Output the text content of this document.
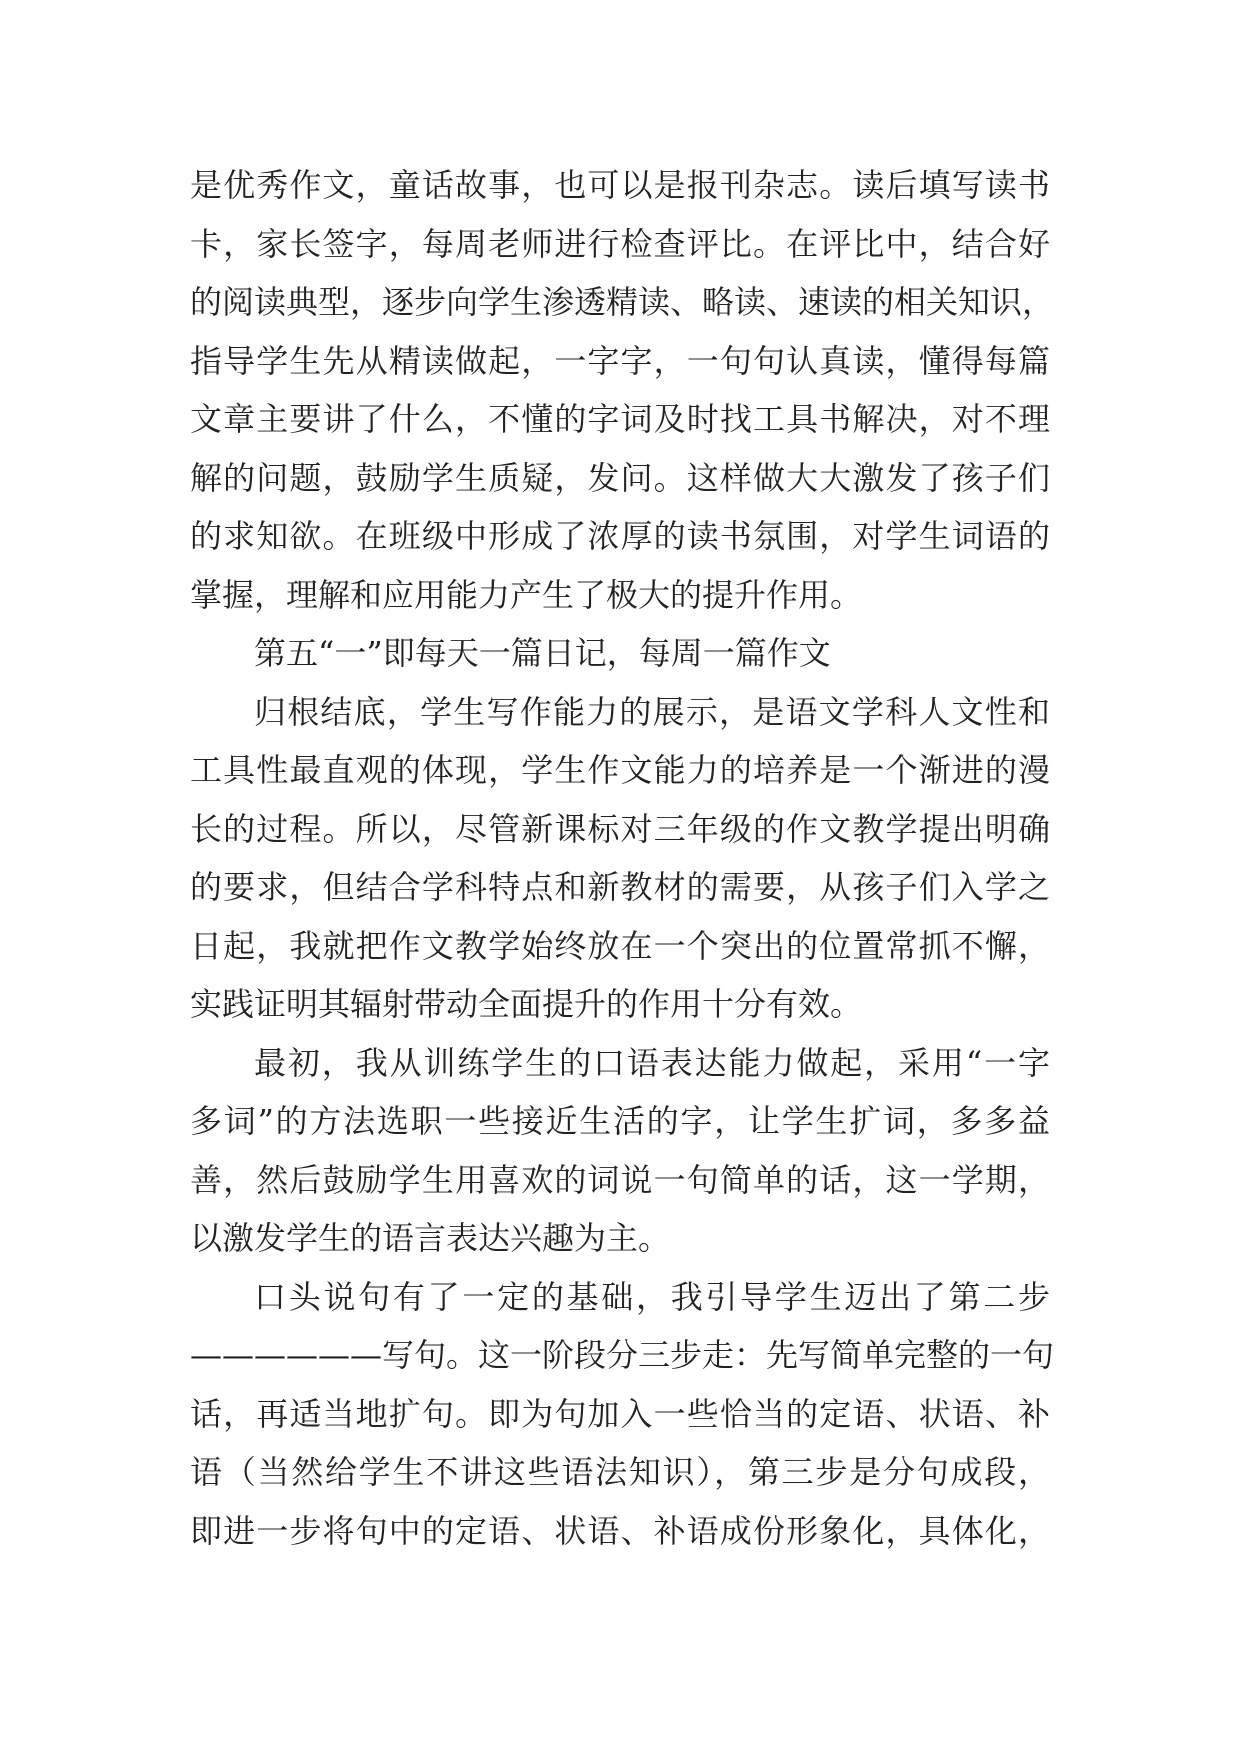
是优秀作文，童话故事，也可以是报刊杂志。读后填写读书
卡，家长签字，每周老师进行检查评比。在评比中，结合好
的阅读典型，逐步向学生渗透精读、略读、速读的相关知识，
指导学生先从精读做起，一字字，一句句认真读，懂得每篇
文章主要讲了什么，不懂的字词及时找工具书解决，对不理
解的问题，鼓励学生质疑，发问。这样做大大激发了孩子们
的求知欲。在班级中形成了浓厚的读书氛围，对学生词语的
掌握，理解和应用能力产生了极大的提升作用。
第五“一”即每天一篇日记，每周一篇作文
归根结底，学生写作能力的展示，是语文学科人文性和
工具性最直观的体现，学生作文能力的培养是一个渐进的漫
长的过程。所以，尽管新课标对三年级的作文教学提出明确
的要求，但结合学科特点和新教材的需要，从孩子们入学之
日起，我就把作文教学始终放在一个突出的位置常抓不懈，
实践证明其辐射带动全面提升的作用十分有效。
最初，我从训练学生的口语表达能力做起，采用“一字
多词”的方法选职一些接近生活的字，让学生扩词，多多益
善，然后鼓励学生用喜欢的词说一句简单的话，这一学期，
以激发学生的语言表达兴趣为主。
口头说句有了一定的基础，我引导学生迈出了第二步
——————写句。这一阶段分三步走：先写简单完整的一句
话，再适当地扩句。即为句加入一些恰当的定语、状语、补
语（当然给学生不讲这些语法知识），第三步是分句成段，
即进一步将句中的定语、状语、补语成份形象化，具体化，
